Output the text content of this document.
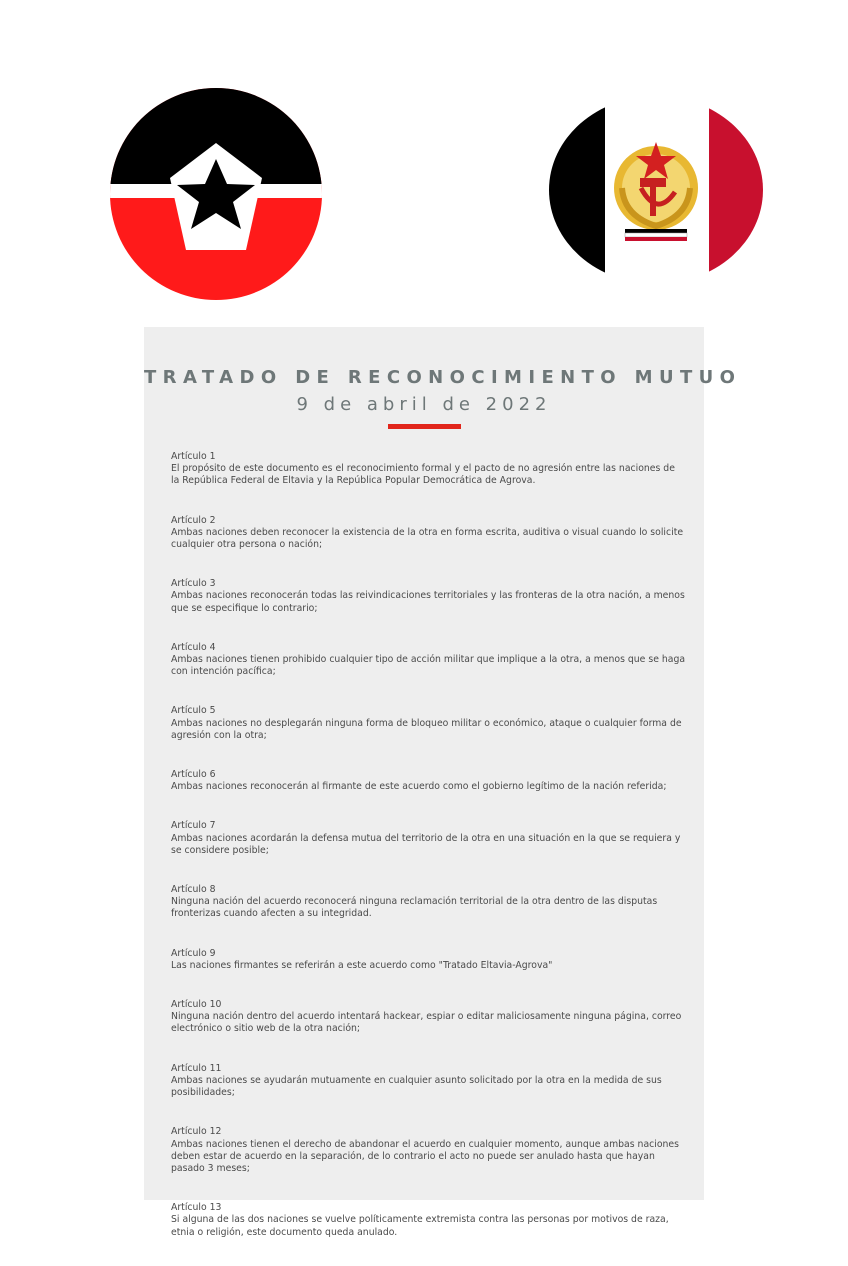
TRATADO DE RECONOCIMIENTO MUTUO
9 de abril de 2022
Artículo 1
El propósito de este documento es el reconocimiento formal y el pacto de no agresión entre las naciones de la República Federal de Eltavia y la República Popular Democrática de Agrova.
Artículo 2
Ambas naciones deben reconocer la existencia de la otra en forma escrita, auditiva o visual cuando lo solicite cualquier otra persona o nación;
Artículo 3
Ambas naciones reconocerán todas las reivindicaciones territoriales y las fronteras de la otra nación, a menos que se especifique lo contrario;
Artículo 4
Ambas naciones tienen prohibido cualquier tipo de acción militar que implique a la otra, a menos que se haga con intención pacífica;
Artículo 5
Ambas naciones no desplegarán ninguna forma de bloqueo militar o económico, ataque o cualquier forma de agresión con la otra;
Artículo 6
Ambas naciones reconocerán al firmante de este acuerdo como el gobierno legítimo de la nación referida;
Artículo 7
Ambas naciones acordarán la defensa mutua del territorio de la otra en una situación en la que se requiera y se considere posible;
Artículo 8
Ninguna nación del acuerdo reconocerá ninguna reclamación territorial de la otra dentro de las disputas fronterizas cuando afecten a su integridad.
Artículo 9
Las naciones firmantes se referirán a este acuerdo como "Tratado Eltavia-Agrova"
Artículo 10
Ninguna nación dentro del acuerdo intentará hackear, espiar o editar maliciosamente ninguna página, correo electrónico o sitio web de la otra nación;
Artículo 11
Ambas naciones se ayudarán mutuamente en cualquier asunto solicitado por la otra en la medida de sus posibilidades;
Artículo 12
Ambas naciones tienen el derecho de abandonar el acuerdo en cualquier momento, aunque ambas naciones deben estar de acuerdo en la separación, de lo contrario el acto no puede ser anulado hasta que hayan pasado 3 meses;
Artículo 13
Si alguna de las dos naciones se vuelve políticamente extremista contra las personas por motivos de raza, etnia o religión, este documento queda anulado.
